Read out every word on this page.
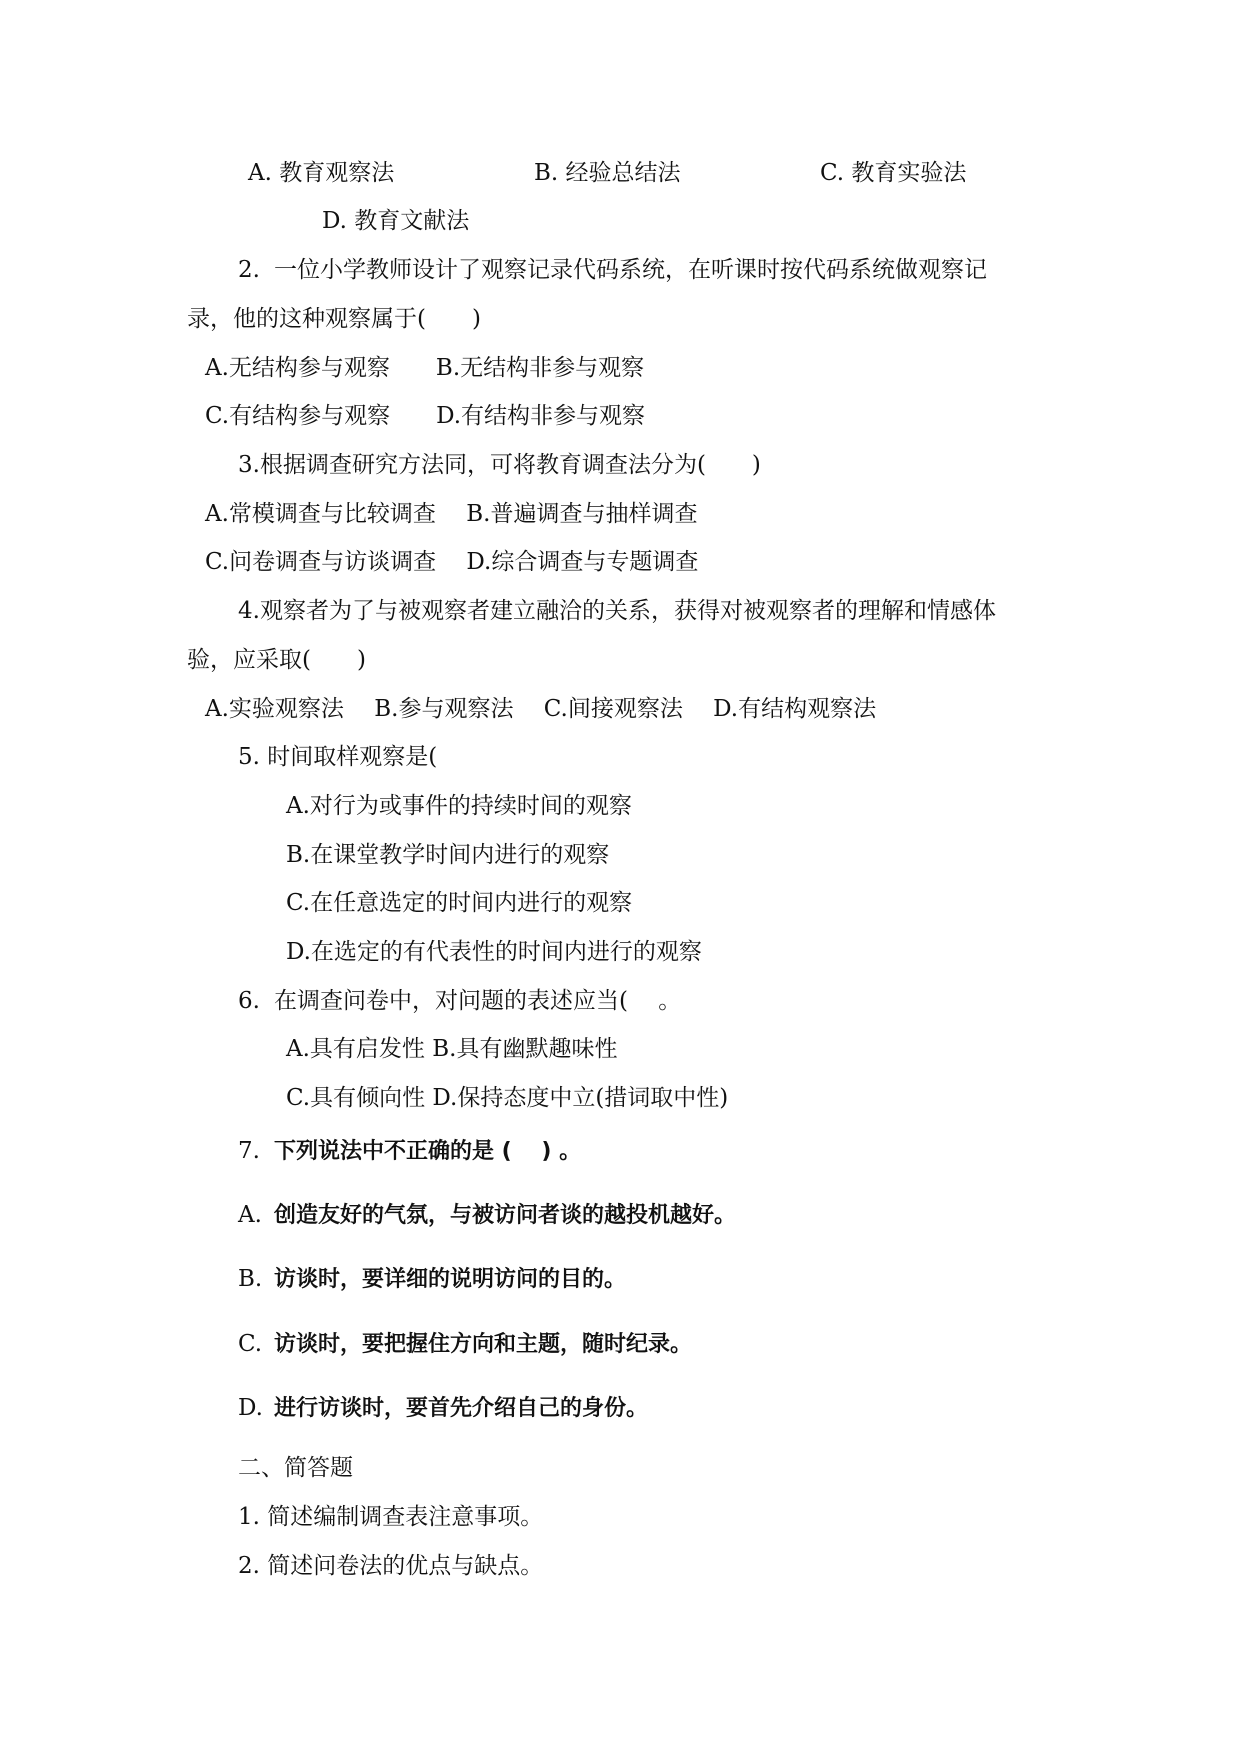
A. 教育观察法	B. 经验总结法	C. 教育实验法
D. 教育文献法
2. 一位小学教师设计了观察记录代码系统，在听课时按代码系统做观察记
录，他的这种观察属于(　　)
A.无结构参与观察　　B.无结构非参与观察
C.有结构参与观察　　D.有结构非参与观察
3.根据调查研究方法同，可将教育调查法分为(　　)
A.常模调查与比较调查　 B.普遍调查与抽样调查
C.问卷调查与访谈调查　 D.综合调查与专题调查
4.观察者为了与被观察者建立融洽的关系，获得对被观察者的理解和情感体
验，应采取(　　)
A.实验观察法　 B.参与观察法　 C.间接观察法　 D.有结构观察法
5. 时间取样观察是(
A.对行为或事件的持续时间的观察
B.在课堂教学时间内进行的观察
C.在任意选定的时间内进行的观察
D.在选定的有代表性的时间内进行的观察
6. 在调查问卷中，对问题的表述应当(　 。
A.具有启发性 B.具有幽默趣味性
C.具有倾向性 D.保持态度中立(措词取中性)
7. 下列说法中不正确的是 (　 ) 。
A. 创造友好的气氛，与被访问者谈的越投机越好。
B. 访谈时，要详细的说明访问的目的。
C. 访谈时，要把握住方向和主题，随时纪录。
D. 进行访谈时，要首先介绍自己的身份。
二、简答题
1. 简述编制调查表注意事项。
2. 简述问卷法的优点与缺点。
